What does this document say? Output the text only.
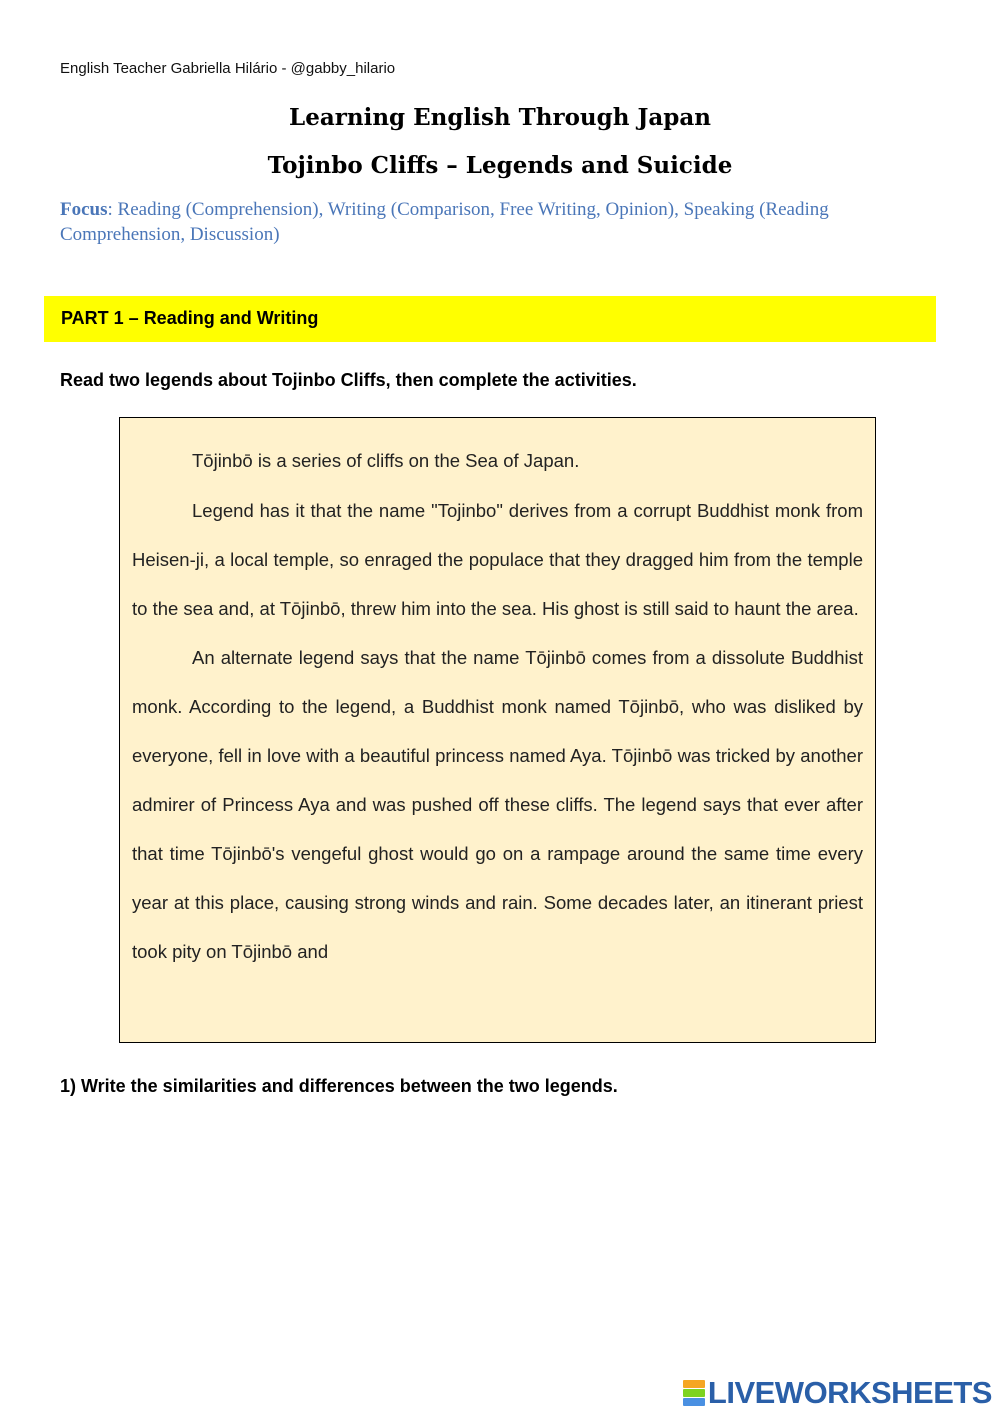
English Teacher Gabriella Hilário - @gabby_hilario
Learning English Through Japan
Tojinbo Cliffs – Legends and Suicide
Focus: Reading (Comprehension), Writing (Comparison, Free Writing, Opinion), Speaking (Reading Comprehension, Discussion)
PART 1 – Reading and Writing
Read two legends about Tojinbo Cliffs, then complete the activities.

Tōjinbō is a series of cliffs on the Sea of Japan.

Legend has it that the name "Tojinbo" derives from a corrupt Buddhist monk from Heisen-ji, a local temple, so enraged the populace that they dragged him from the temple to the sea and, at Tōjinbō, threw him into the sea. His ghost is still said to haunt the area.

An alternate legend says that the name Tōjinbō comes from a dissolute Buddhist monk. According to the legend, a Buddhist monk named Tōjinbō, who was disliked by everyone, fell in love with a beautiful princess named Aya. Tōjinbō was tricked by another admirer of Princess Aya and was pushed off these cliffs. The legend says that ever after that time Tōjinbō's vengeful ghost would go on a rampage around the same time every year at this place, causing strong winds and rain. Some decades later, an itinerant priest took pity on Tōjinbō and

1) Write the similarities and differences between the two legends.
LIVEWORKSHEETS
